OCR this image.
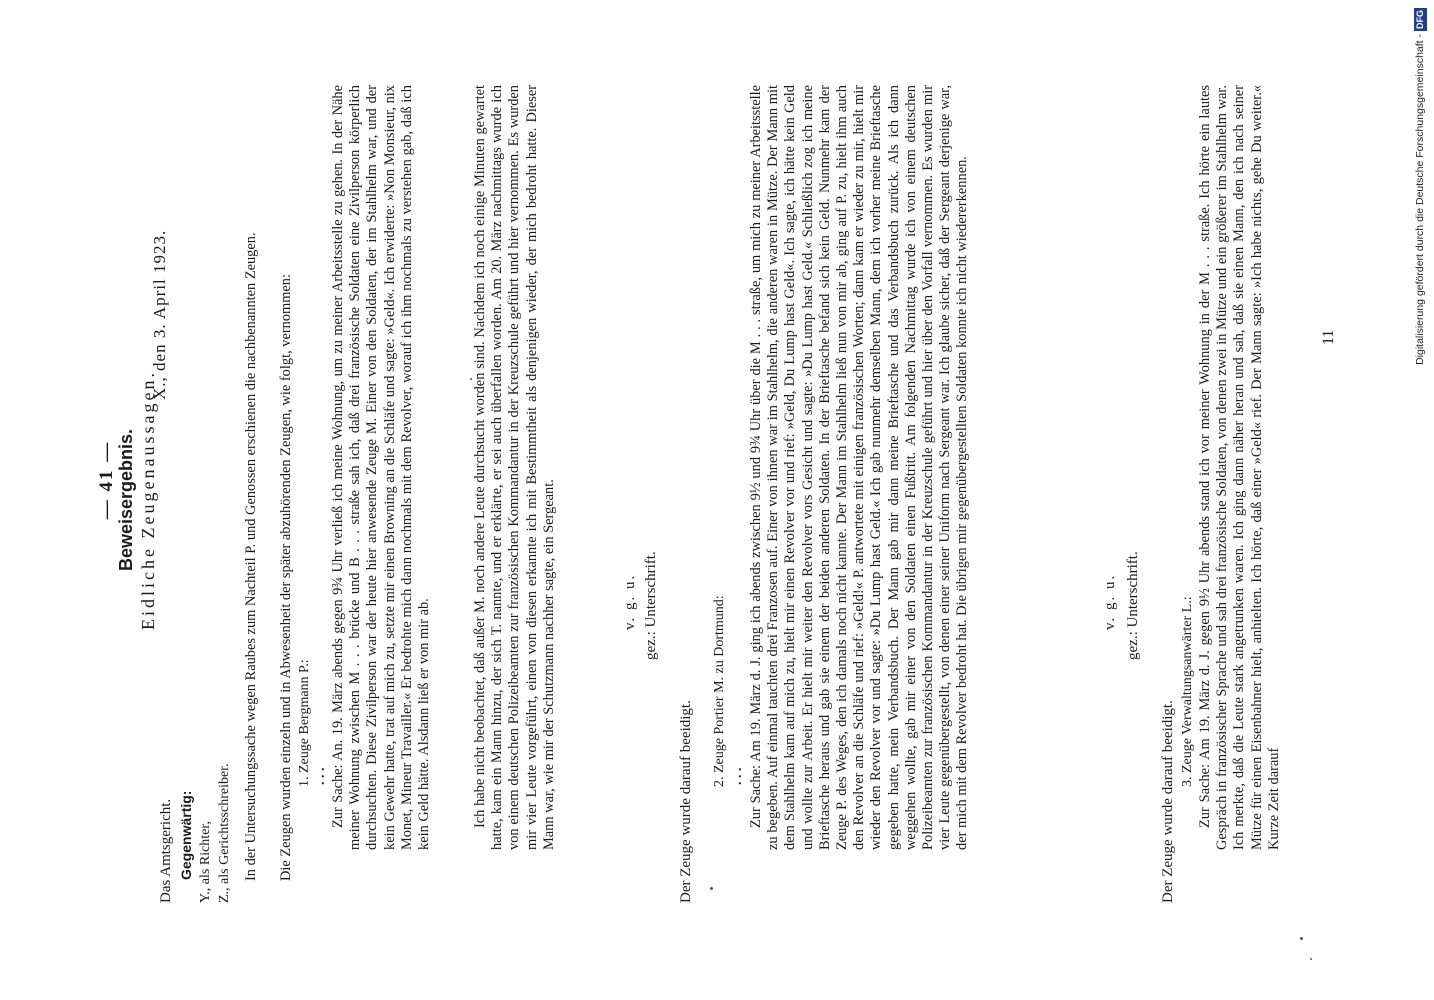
— 41 — Beweisergebnis. Eidliche Zeugenaussagen.
Das Amtsgericht.
X., den 3. April 1923.
Gegenwärtig: Y., als Richter, Z., als Gerichtsschreiber. In der Untersuchungssache wegen Raubes zum Nachteil P. und Genossen erschienen die nachbenannten Zeugen. Die Zeugen wurden einzeln und in Abwesenheit der später abzuhörenden Zeugen, wie folgt, vernommen: 1. Zeuge Bergmann P.: . . . Zur Sache: An. 19. März abends gegen 9¾ Uhr verließ ich meine Wohnung, um zu meiner Arbeitsstelle zu gehen. In der Nähe meiner Wohnung zwischen M . . . brücke und B . . . straße sah ich, daß drei französische Soldaten eine Zivilperson körperlich durchsuchten. Diese Zivilperson war der heute hier anwesende Zeuge M. Einer von den Soldaten, der im Stahlhelm war, und der kein Gewehr hatte, trat auf mich zu, setzte mir einen Browning an die Schläfe und sagte: »Geld«. Ich erwiderte: »Non Monsieur, nix Monet, Mineur Travailler.« Er bedrohte mich dann nochmals mit dem Revolver, worauf ich ihm nochmals zu verstehen gab, daß ich kein Geld hätte. Alsdann ließ er von mir ab.	Ich habe nicht beobachtet, daß außer M. noch andere Leute durchsucht worden sind. Nachdem ich noch einige Minuten gewartet hatte, kam ein Mann hinzu, der sich T. nannte, und er erklärte, er sei auch überfallen worden. Am 20. März nachmittags wurde ich von einem deutschen Polizeibeamten zur französischen Kommandantur in der Kreuzschule geführt und hier vernommen. Es wurden mir vier Leute vorgeführt, einen von diesen erkannte ich mit Bestimmtheit als denjenigen wieder, der mich bedroht hatte. Dieser Mann war, wie mir der Schutzmann nachher sagte, ein Sergeant.	v. g. u. gez.: Unterschrift.
Der Zeuge wurde darauf beeidigt.
2. Zeuge Portier M. zu Dortmund: . . . Zur Sache: Am 19. März d. J. ging ich abends zwischen 9½ und 9¾ Uhr über die M . . . straße, um mich zu meiner Arbeitsstelle zu begeben. Auf einmal tauchten drei Franzosen auf. Einer von ihnen war im Stahlhelm, die anderen waren in Mütze. Der Mann mit dem Stahlhelm kam auf mich zu, hielt mir einen Revolver vor und rief: »Geld, Du Lump hast Geld«. Ich sagte, ich hätte kein Geld und wollte zur Arbeit. Er hielt mir weiter den Revolver vors Gesicht und sagte: »Du Lump hast Geld.« Schließlich zog ich meine Brieftasche heraus und gab sie einem der beiden anderen Soldaten. In der Brieftasche befand sich kein Geld. Nunmehr kam der Zeuge P. des Weges, den ich damals noch nicht kannte. Der Mann im Stahlhelm ließ nun von mir ab, ging auf P. zu, hielt ihm auch den Revolver an die Schläfe und rief: »Geld!« P. antwortete mit einigen französischen Worten; dann kam er wieder zu mir, hielt mir wieder den Revolver vor und sagte: »Du Lump hast Geld.« Ich gab nunmehr demselben Mann, dem ich vorher meine Brieftasche gegeben hatte, mein Verbandsbuch. Der Mann gab mir dann meine Brieftasche und das Verbandsbuch zurück. Als ich dann weggehen wollte, gab mir einer von den Soldaten einen Fußtritt. Am folgenden Nachmittag wurde ich von einem deutschen Polizeibeamten zur französischen Kommandantur in der Kreuzschule geführt und hier über den Vorfall vernommen. Es wurden mir vier Leute gegenübergestellt, von denen einer seiner Uniform nach Sergeant war. Ich glaube sicher, daß der Sergeant derjenige war, der mich mit dem Revolver bedroht hat. Die übrigen mir gegenübergestellten Soldaten konnte ich nicht wiedererkennen.	v. g. u. gez.: Unterschrift.
Der Zeuge wurde darauf beeidigt.
3. Zeuge Verwaltungsanwärter L.: Zur Sache: Am 19. März d. J. gegen 9½ Uhr abends stand ich vor meiner Wohnung in der M . . . straße. Ich hörte ein lautes Gespräch in französischer Sprache und sah drei französische Soldaten, von denen zwei in Mütze und ein größerer im Stahlhelm war. Ich merkte, daß die Leute stark angetrunken waren. Ich ging dann näher heran und sah, daß sie einen Mann, den ich nach seiner Mütze für einen Eisenbahner hielt, anhielten. Ich hörte, daß einer »Geld« rief. Der Mann sagte: »Ich habe nichts, gehe Du weiter.« Kurze Zeit darauf
11	Digitalisierung gefördert durch die Deutsche Forschungsgemeinschaft -
DFG
